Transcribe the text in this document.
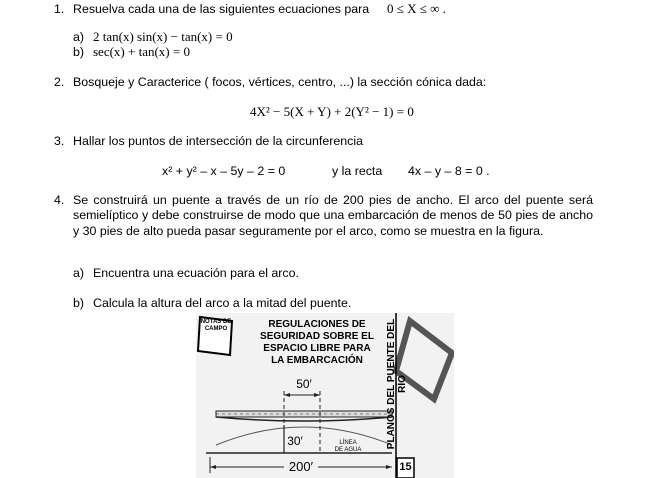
1. Resuelva cada una de las siguientes ecuaciones para 0 ≤ X ≤ ∞ .
a) 2 tan(x) sin(x) − tan(x) = 0
b) sec(x) + tan(x) = 0
2. Bosqueje y Caracterice ( focos, vértices, centro, ...) la sección cónica dada:
4X² − 5(X + Y) + 2(Y² − 1) = 0
3. Hallar los puntos de intersección de la circunferencia
x² + y² – x – 5y – 2 = 0	y la recta 4x – y – 8 = 0 .
4. Se construirá un puente a través de un río de 200 pies de ancho. El arco del puente será semielíptico y debe construirse de modo que una embarcación de menos de 50 pies de ancho y 30 pies de alto pueda pasar seguramente por el arco, como se muestra en la figura.
a) Encuentra una ecuación para el arco.
b) Calcula la altura del arco a la mitad del puente.
NOTAS DE CAMPO	REGULACIONES DE
SEGURIDAD SOBRE EL
ESPACIO LIBRE PARA
LA EMBARCACIÓN
50′
30′	LÍNEA
DE AGUA
200′
PLANOS DEL PUENTE DEL RÍO
15
